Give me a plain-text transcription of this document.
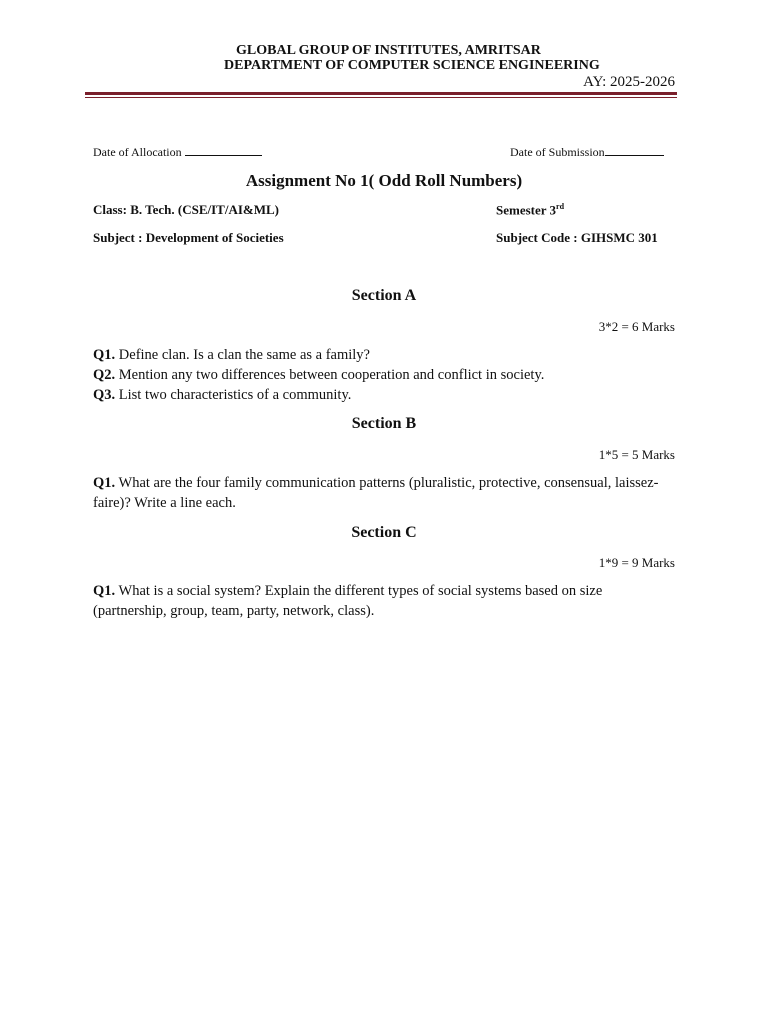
GLOBAL GROUP OF INSTITUTES, AMRITSAR
DEPARTMENT OF COMPUTER SCIENCE ENGINEERING
AY: 2025-2026
Date of Allocation	Date of Submission
Assignment No 1( Odd Roll Numbers)
Class: B. Tech. (CSE/IT/AI&ML)	Semester 3rd
Subject : Development of Societies	Subject Code : GIHSMC 301
Section A
3*2 = 6 Marks
Q1. Define clan. Is a clan the same as a family?
Q2. Mention any two differences between cooperation and conflict in society.
Q3. List two characteristics of a community.
Section B
1*5 = 5 Marks
Q1. What are the four family communication patterns (pluralistic, protective, consensual, laissez-faire)? Write a line each.
Section C
1*9 = 9 Marks
Q1. What is a social system? Explain the different types of social systems based on size (partnership, group, team, party, network, class).
